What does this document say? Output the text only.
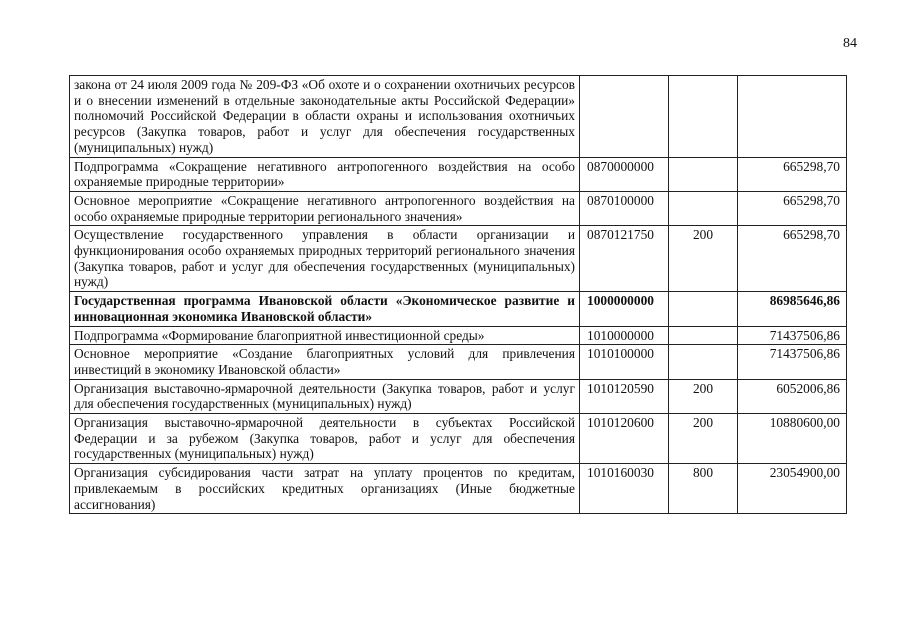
84
закона от 24 июля 2009 года № 209-ФЗ «Об охоте и о сохранении охотничьих ресурсов и о внесении изменений в отдельные законодательные акты Российской Федерации» полномочий Российской Федерации в области охраны и использования охотничьих ресурсов (Закупка товаров, работ и услуг для обеспечения государственных (муниципальных) нужд)			
Подпрограмма «Сокращение негативного антропогенного воздействия на особо охраняемые природные территории»	0870000000		665298,70
Основное мероприятие «Сокращение негативного антропогенного воздействия на особо охраняемые природные территории регионального значения»	0870100000		665298,70
Осуществление государственного управления в области организации и функционирования особо охраняемых природных территорий регионального значения (Закупка товаров, работ и услуг для обеспечения государственных (муниципальных) нужд)	0870121750	200	665298,70
Государственная программа Ивановской области «Экономическое развитие и инновационная экономика Ивановской области»	1000000000		86985646,86
Подпрограмма «Формирование благоприятной инвестиционной среды»	1010000000		71437506,86
Основное мероприятие «Создание благоприятных условий для привлечения инвестиций в экономику Ивановской области»	1010100000		71437506,86
Организация выставочно-ярмарочной деятельности (Закупка товаров, работ и услуг для обеспечения государственных (муниципальных) нужд)	1010120590	200	6052006,86
Организация выставочно-ярмарочной деятельности в субъектах Российской Федерации и за рубежом (Закупка товаров, работ и услуг для обеспечения государственных (муниципальных) нужд)	1010120600	200	10880600,00
Организация субсидирования части затрат на уплату процентов по кредитам, привлекаемым в российских кредитных организациях (Иные бюджетные ассигнования)	1010160030	800	23054900,00
